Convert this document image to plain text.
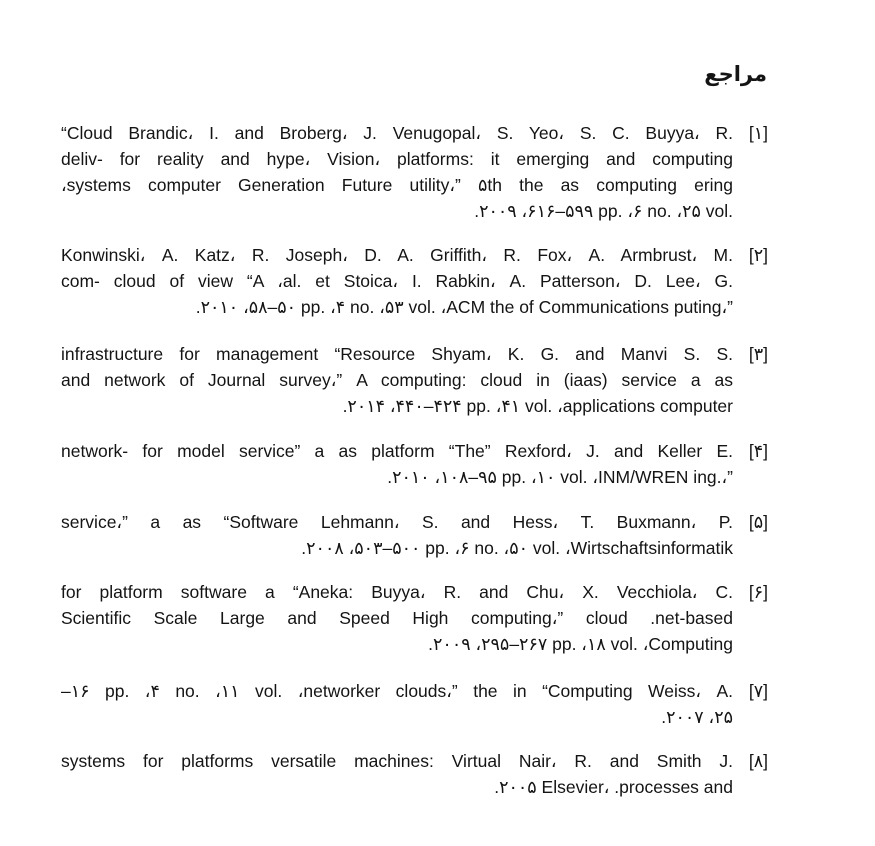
مراجع
[۱]
“Cloud Brandic، I. and Broberg، J. Venugopal، S. Yeo، S. C. Buyya، R.
deliv- for reality and hype، Vision، platforms: it emerging and computing
،systems computer Generation Future utility،” ۵th the as computing ering
.۲۰۰۹ ،۶۱۶–۵۹۹ pp. ،۶ no. ،۲۵ vol.
[۲]
Konwinski، A. Katz، R. Joseph، D. A. Griffith، R. Fox، A. Armbrust، M.
com- cloud of view “A ،al. et Stoica، I. Rabkin، A. Patterson، D. Lee، G.
.۲۰۱۰ ،۵۸–۵۰ pp. ،۴ no. ،۵۳ vol. ،ACM the of Communications puting،”
[۳]
infrastructure for management “Resource Shyam، K. G. and Manvi S. S.
and network of Journal survey،” A computing: cloud in (iaas) service a as
.۲۰۱۴ ،۴۴۰–۴۲۴ pp. ،۴۱ vol. ،applications computer
[۴]
network- for model service” a as platform “The” Rexford، J. and Keller E.
.۲۰۱۰ ،۱۰۸–۹۵ pp. ،۱۰ vol. ،INM/WREN ing.،”
[۵]
service،” a as “Software Lehmann، S. and Hess، T. Buxmann، P.
.۲۰۰۸ ،۵۰۳–۵۰۰ pp. ،۶ no. ،۵۰ vol. ،Wirtschaftsinformatik
[۶]
for platform software a “Aneka: Buyya، R. and Chu، X. Vecchiola، C.
Scientific Scale Large and Speed High computing،” cloud .net-based
.۲۰۰۹ ،۲۹۵–۲۶۷ pp. ،۱۸ vol. ،Computing
[۷]
–۱۶ pp. ،۴ no. ،۱۱ vol. ،networker clouds،” the in “Computing Weiss، A.
.۲۰۰۷ ،۲۵
[۸]
systems for platforms versatile machines: Virtual Nair، R. and Smith J.
.۲۰۰۵ Elsevier، .processes and
